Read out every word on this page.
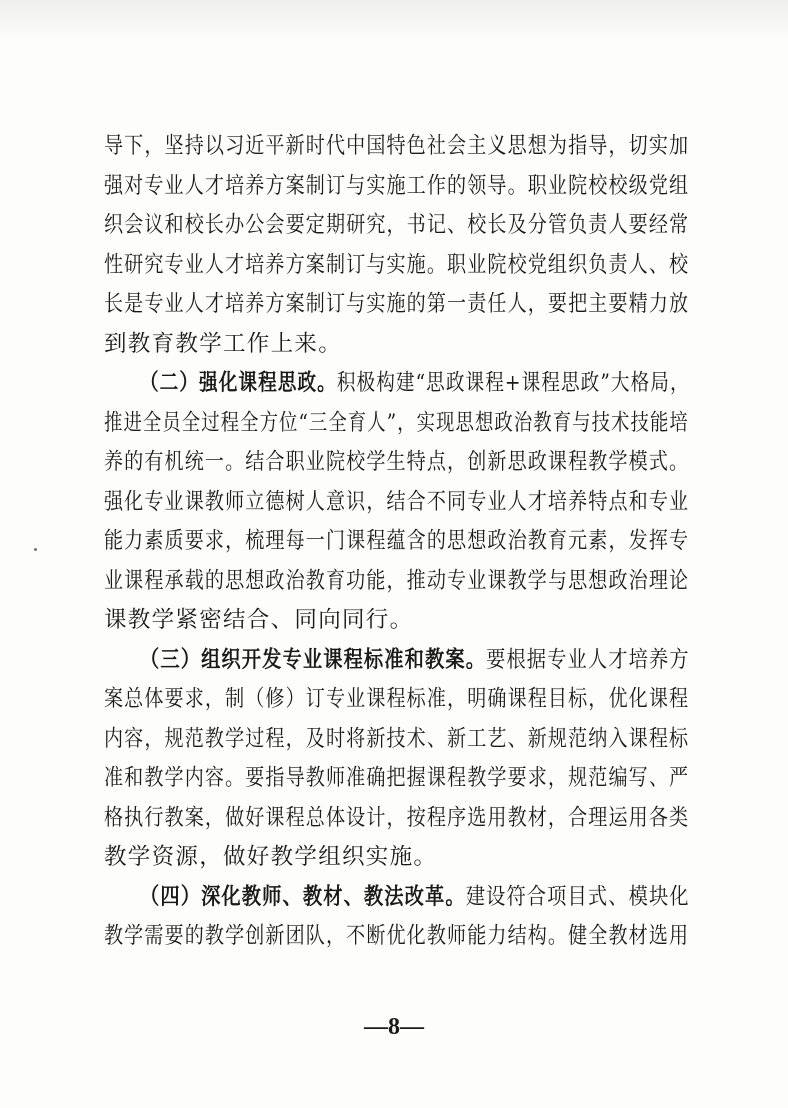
导下，坚持以习近平新时代中国特色社会主义思想为指导，切实加
强对专业人才培养方案制订与实施工作的领导。职业院校校级党组
织会议和校长办公会要定期研究，书记、校长及分管负责人要经常
性研究专业人才培养方案制订与实施。职业院校党组织负责人、校
长是专业人才培养方案制订与实施的第一责任人，要把主要精力放
到教育教学工作上来。
（二）强化课程思政。积极构建“思政课程+课程思政”大格局，
推进全员全过程全方位“三全育人”，实现思想政治教育与技术技能培
养的有机统一。结合职业院校学生特点，创新思政课程教学模式。
强化专业课教师立德树人意识，结合不同专业人才培养特点和专业
能力素质要求，梳理每一门课程蕴含的思想政治教育元素，发挥专
业课程承载的思想政治教育功能，推动专业课教学与思想政治理论
课教学紧密结合、同向同行。
（三）组织开发专业课程标准和教案。要根据专业人才培养方
案总体要求，制（修）订专业课程标准，明确课程目标，优化课程
内容，规范教学过程，及时将新技术、新工艺、新规范纳入课程标
准和教学内容。要指导教师准确把握课程教学要求，规范编写、严
格执行教案，做好课程总体设计，按程序选用教材，合理运用各类
教学资源，做好教学组织实施。
（四）深化教师、教材、教法改革。建设符合项目式、模块化
教学需要的教学创新团队，不断优化教师能力结构。健全教材选用
—8—
